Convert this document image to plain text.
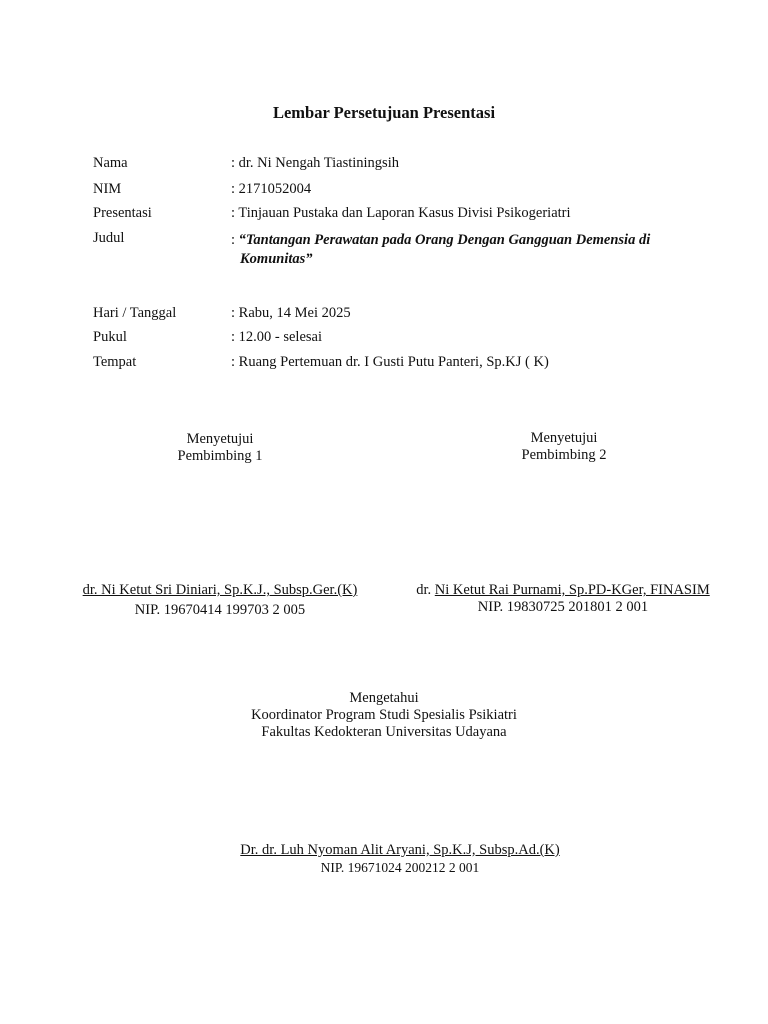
Lembar Persetujuan Presentasi
Nama	: dr. Ni Nengah Tiastiningsih
NIM	: 2171052004
Presentasi	: Tinjauan Pustaka dan Laporan Kasus Divisi Psikogeriatri
Judul	: “Tantangan Perawatan pada Orang Dengan Gangguan Demensia di
Komunitas”
Hari / Tanggal	: Rabu, 14 Mei 2025
Pukul	: 12.00 - selesai
Tempat	: Ruang Pertemuan dr. I Gusti Putu Panteri, Sp.KJ ( K)
Menyetujui
Pembimbing 1
Menyetujui
Pembimbing 2
dr. Ni Ketut Sri Diniari, Sp.K.J., Subsp.Ger.(K)
NIP. 19670414 199703 2 005
dr. Ni Ketut Rai Purnami, Sp.PD-KGer, FINASIM
NIP. 19830725 201801 2 001
Mengetahui
Koordinator Program Studi Spesialis Psikiatri
Fakultas Kedokteran Universitas Udayana
Dr. dr. Luh Nyoman Alit Aryani, Sp.K.J, Subsp.Ad.(K)
NIP. 19671024 200212 2 001
